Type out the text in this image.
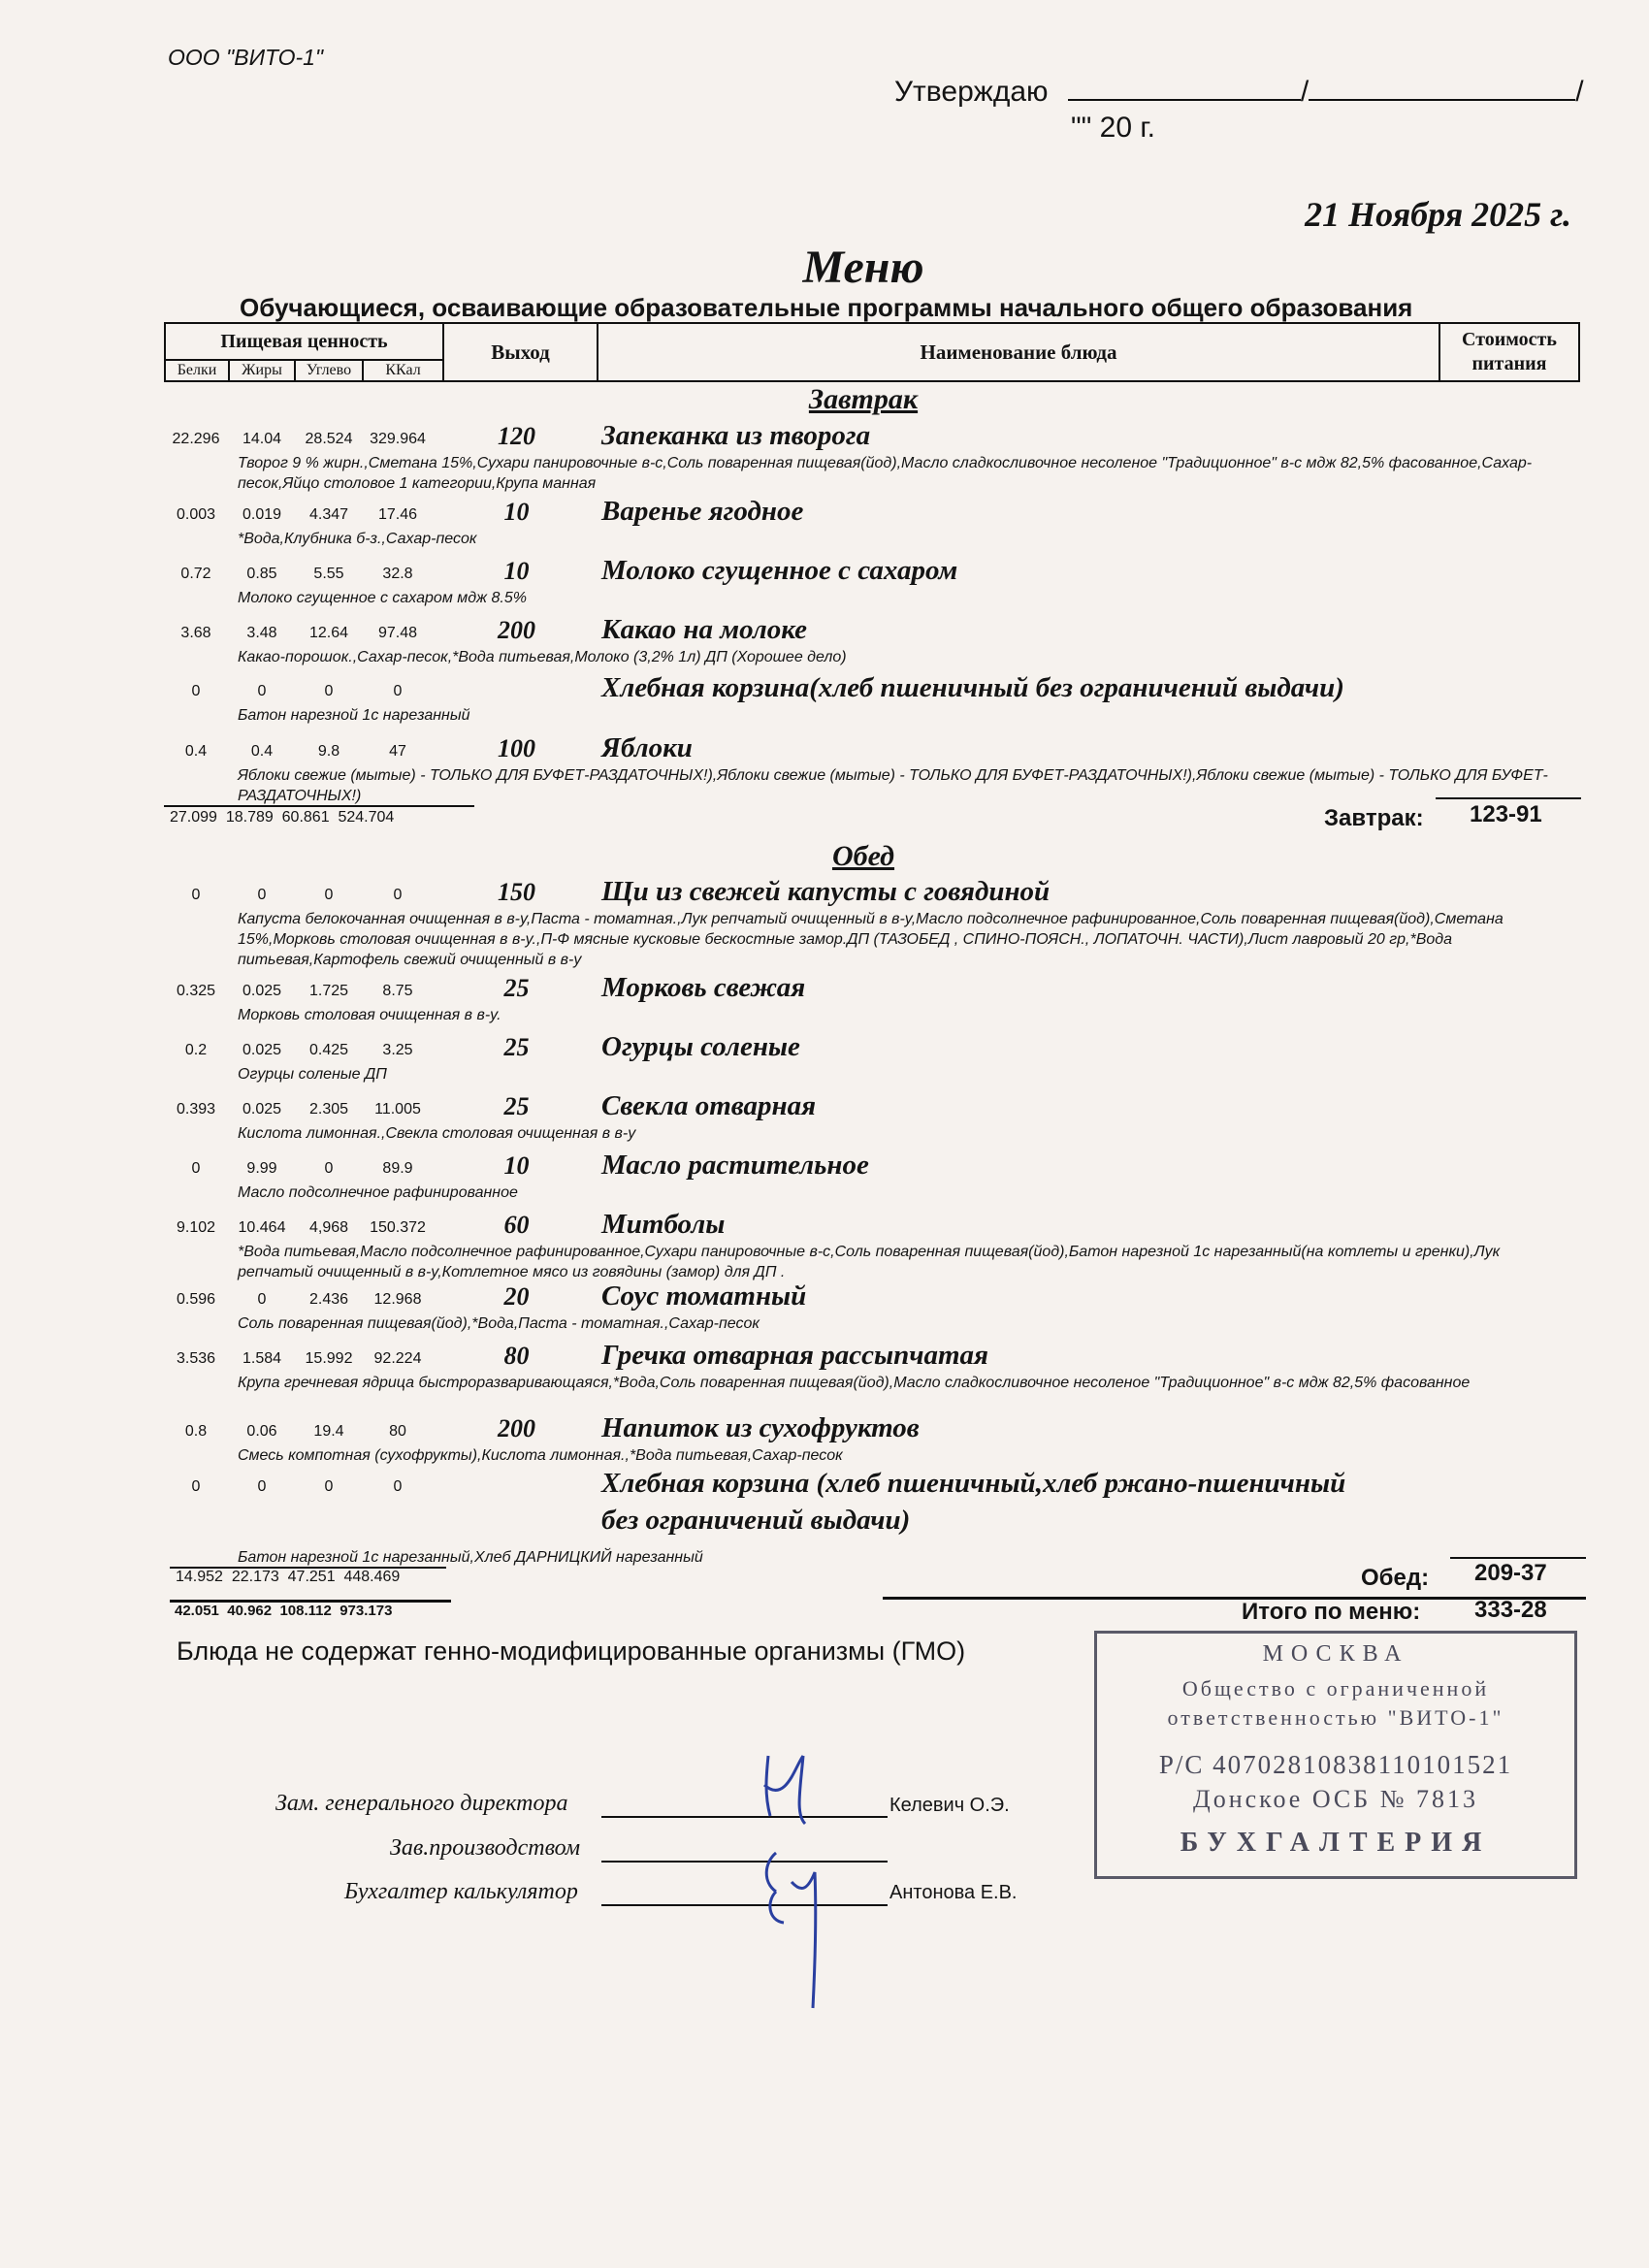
ООО "ВИТО-1"
Утверждаю	/	/
"" 20 г.
21 Ноября 2025 г.
Меню
Обучающиеся, осваивающие образовательные программы начального общего образования
Пищевая ценность				Выход	Наименование блюда	Стоимость питания
Белки	Жиры	Углево	ККал			
Завтрак
Обед
22.296	14.04	28.524	329.964	120	Запеканка из творога
Творог 9 % жирн.,Сметана 15%,Сухари панировочные в-с,Соль поваренная пищевая(йод),Масло сладкосливочное несоленое "Традиционное" в-с мдж 82,5% фасованное,Сахар-песок,Яйцо столовое 1 категории,Крупа манная
0.003	0.019	4.347	17.46	10	Варенье ягодное
*Вода,Клубника б-з.,Сахар-песок
0.72	0.85	5.55	32.8	10	Молоко сгущенное с сахаром
Молоко сгущенное с сахаром мдж 8.5%
3.68	3.48	12.64	97.48	200	Какао на молоке
Какао-порошок.,Сахар-песок,*Вода питьевая,Молоко (3,2% 1л) ДП (Хорошее дело)
0	0	0	0	Хлебная корзина(хлеб пшеничный без ограничений выдачи)
Батон нарезной 1с нарезанный
0.4	0.4	9.8	47	100	Яблоки
Яблоки свежие (мытые) - ТОЛЬКО ДЛЯ БУФЕТ-РАЗДАТОЧНЫХ!),Яблоки свежие (мытые) - ТОЛЬКО ДЛЯ БУФЕТ-РАЗДАТОЧНЫХ!),Яблоки свежие (мытые) - ТОЛЬКО ДЛЯ БУФЕТ-РАЗДАТОЧНЫХ!)
0	0	0	0	150	Щи из свежей капусты с говядиной
Капуста белокочанная очищенная в в-у,Паста - томатная.,Лук репчатый очищенный в в-у,Масло подсолнечное рафинированное,Соль поваренная пищевая(йод),Сметана 15%,Морковь столовая очищенная в в-у.,П-Ф мясные кусковые бескостные замор.ДП (ТАЗОБЕД , СПИНО-ПОЯСН., ЛОПАТОЧН. ЧАСТИ),Лист лавровый 20 гр,*Вода питьевая,Картофель свежий очищенный в в-у
0.325	0.025	1.725	8.75	25	Морковь свежая
Морковь столовая очищенная в в-у.
0.2	0.025	0.425	3.25	25	Огурцы соленые
Огурцы соленые ДП
0.393	0.025	2.305	11.005	25	Свекла отварная
Кислота лимонная.,Свекла столовая очищенная в в-у
0	9.99	0	89.9	10	Масло растительное
Масло подсолнечное рафинированное
9.102	10.464	4,968	150.372	60	Митболы
*Вода питьевая,Масло подсолнечное рафинированное,Сухари панировочные в-с,Соль поваренная пищевая(йод),Батон нарезной 1с нарезанный(на котлеты и гренки),Лук репчатый очищенный в в-у,Котлетное мясо из говядины (замор) для ДП .
0.596	0	2.436	12.968	20	Соус томатный
Соль поваренная пищевая(йод),*Вода,Паста - томатная.,Сахар-песок
3.536	1.584	15.992	92.224	80	Гречка отварная рассыпчатая
Крупа гречневая ядрица быстроразваривающаяся,*Вода,Соль поваренная пищевая(йод),Масло сладкосливочное несоленое "Традиционное" в-с мдж 82,5% фасованное
0.8	0.06	19.4	80	200	Напиток из сухофруктов
Смесь компотная (сухофрукты),Кислота лимонная.,*Вода питьевая,Сахар-песок
0	0	0	0	Хлебная корзина (хлеб пшеничный,хлеб ржано-пшеничный
без ограничений выдачи)
Батон нарезной 1с нарезанный,Хлеб ДАРНИЦКИЙ нарезанный
27.099 18.789 60.861 524.704	Завтрак: 123-91
14.952 22.173 47.251 448.469	Обед: 209-37
42.051 40.962 108.112 973.173	Итого по меню: 333-28
Блюда не содержат генно-модифицированные организмы (ГМО)
Зам. генерального директора	Келевич О.Э.
Зав.производством
Бухгалтер калькулятор	Антонова Е.В.
МОСКВА
Общество с ограниченной
ответственностью "ВИТО-1"
Р/С 40702810838110101521
Донское ОСБ № 7813
БУХГАЛТЕРИЯ
